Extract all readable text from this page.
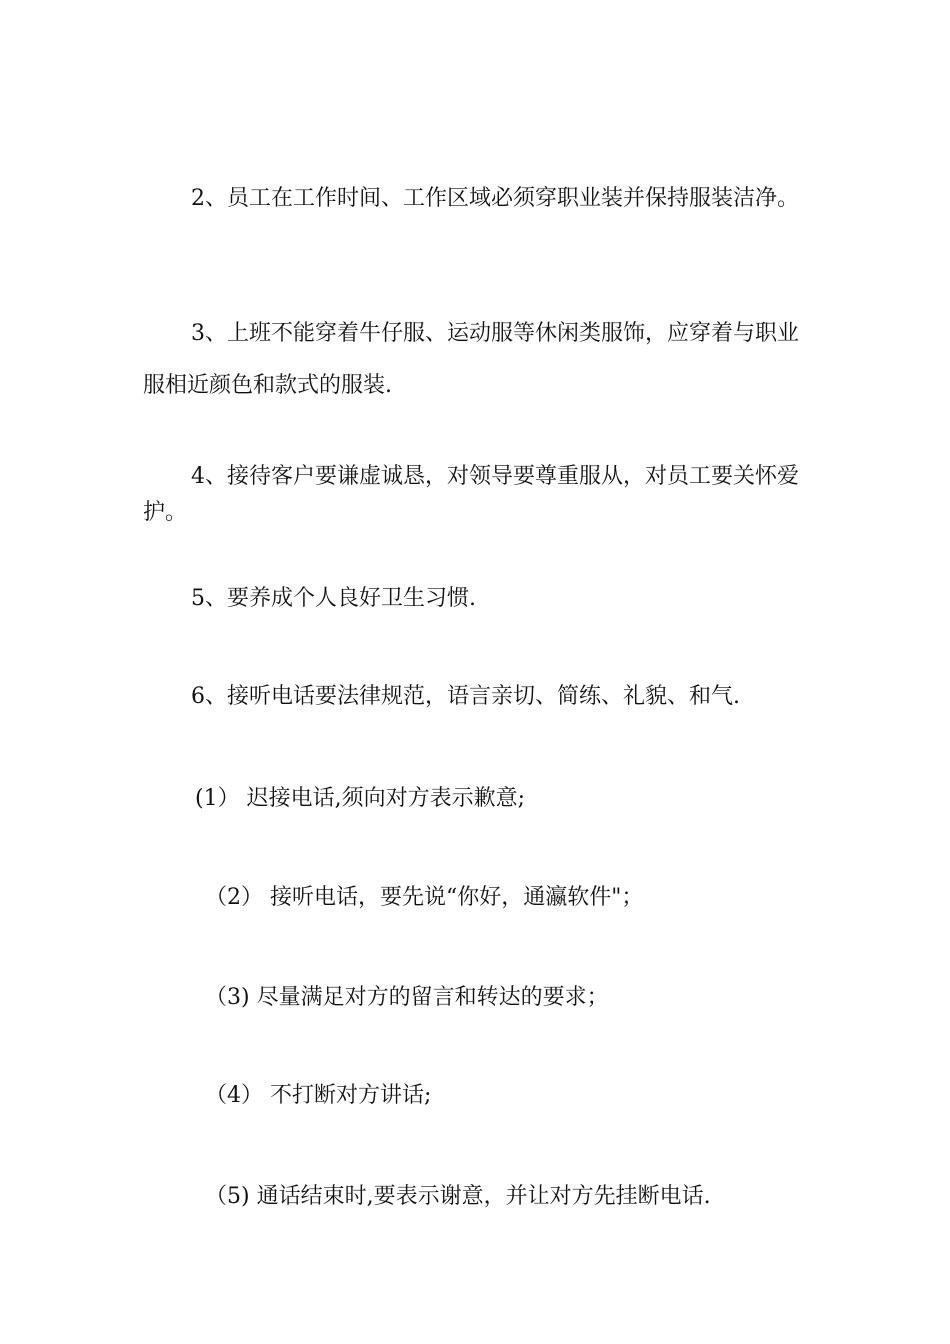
2、员工在工作时间、工作区域必须穿职业装并保持服装洁净。

3、上班不能穿着牛仔服、运动服等休闲类服饰，应穿着与职业服相近颜色和款式的服装.

4、接待客户要谦虚诚恳，对领导要尊重服从，对员工要关怀爱护。

5、要养成个人良好卫生习惯.

6、接听电话要法律规范，语言亲切、简练、礼貌、和气.

(1） 迟接电话,须向对方表示歉意;

（2） 接听电话，要先说“你好，通瀛软件"；

（3) 尽量满足对方的留言和转达的要求；

（4） 不打断对方讲话;

（5) 通话结束时,要表示谢意，并让对方先挂断电话.
